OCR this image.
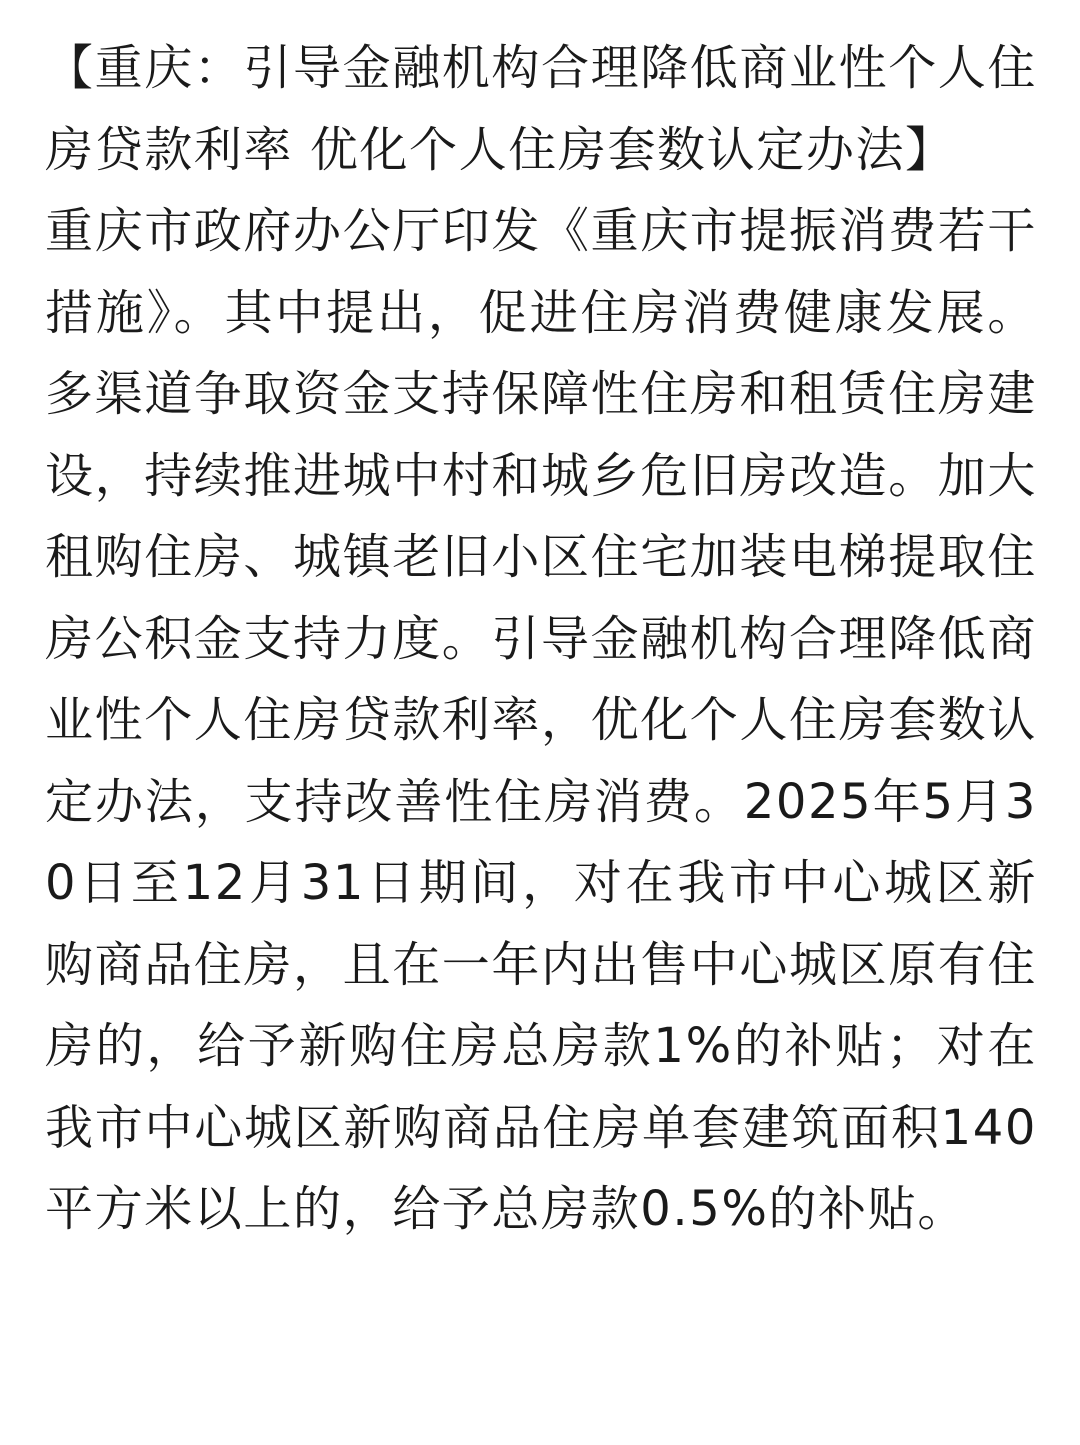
【重庆：引导金融机构合理降低商业性个人住房贷款利率 优化个人住房套数认定办法】

重庆市政府办公厅印发《重庆市提振消费若干措施》。其中提出，促进住房消费健康发展。多渠道争取资金支持保障性住房和租赁住房建设，持续推进城中村和城乡危旧房改造。加大租购住房、城镇老旧小区住宅加装电梯提取住房公积金支持力度。引导金融机构合理降低商业性个人住房贷款利率，优化个人住房套数认定办法，支持改善性住房消费。2025年5月30日至12月31日期间，对在我市中心城区新购商品住房，且在一年内出售中心城区原有住房的，给予新购住房总房款1%的补贴；对在我市中心城区新购商品住房单套建筑面积140平方米以上的，给予总房款0.5%的补贴。
